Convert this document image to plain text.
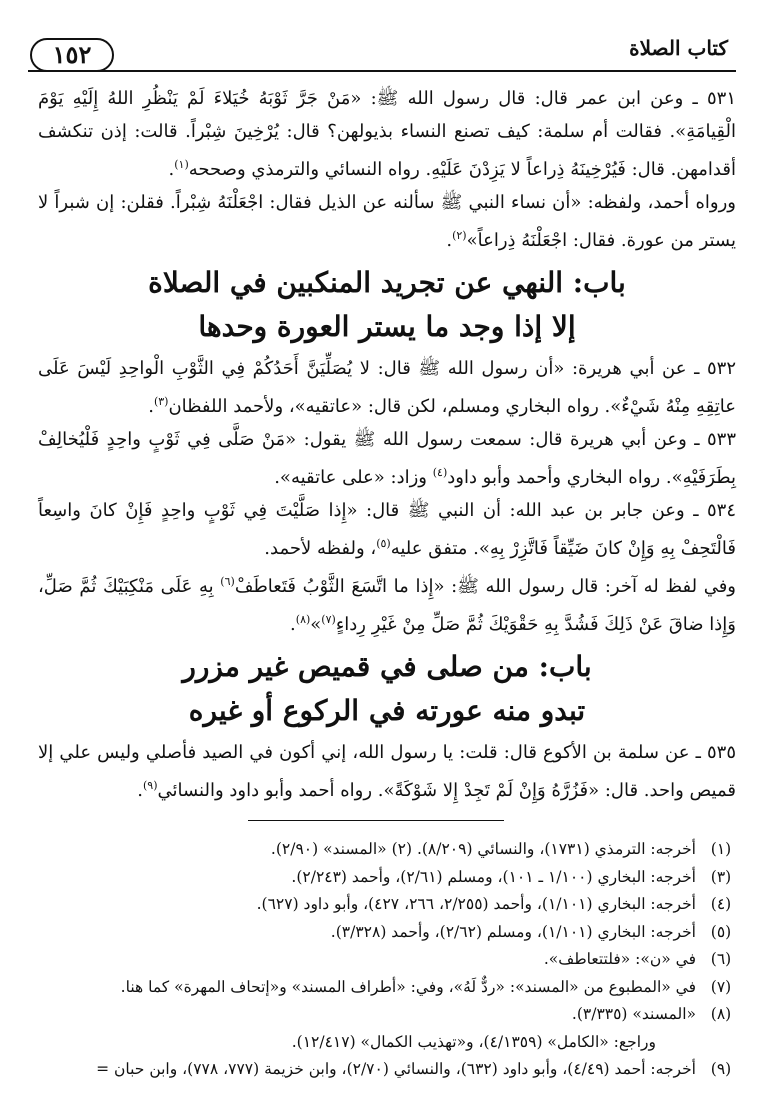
كتاب الصلاة
١٥٢

٥٣١ ـ وعن ابن عمر قال: قال رسول الله ﷺ: «مَنْ جَرَّ ثَوْبَهُ خُيَلاءَ لَمْ يَنْظُرِ اللهُ إِلَيْهِ يَوْمَ الْقِيامَةِ». فقالت أم سلمة: كيف تصنع النساء بذيولهن؟ قال: يُرْخِينَ شِبْراً. قالت: إذن تنكشف أقدامهن. قال: فَيُرْخِينَهُ ذِراعاً لا يَزِدْنَ عَلَيْهِ. رواه النسائي والترمذي وصححه$^{(١)}$.

ورواه أحمد، ولفظه: «أن نساء النبي ﷺ سألنه عن الذيل فقال: اجْعَلْنَهُ شِبْراً. فقلن: إن شبراً لا يستر من عورة. فقال: اجْعَلْنَهُ ذِراعاً»$^{(٢)}$.

باب: النهي عن تجريد المنكبين في الصلاة
إلا إذا وجد ما يستر العورة وحدها

٥٣٢ ـ عن أبي هريرة: «أن رسول الله ﷺ قال: لا يُصَلِّيَنَّ أَحَدُكُمْ فِي الثَّوْبِ الْواحِدِ لَيْسَ عَلَى عاتِقِهِ مِنْهُ شَيْءٌ». رواه البخاري ومسلم، لكن قال: «عاتقيه»، ولأحمد اللفظان$^{(٣)}$.

٥٣٣ ـ وعن أبي هريرة قال: سمعت رسول الله ﷺ يقول: «مَنْ صَلَّى فِي ثَوْبٍ واحِدٍ فَلْيُخالِفْ بِطَرَفَيْهِ». رواه البخاري وأحمد وأبو داود$^{(٤)}$ وزاد: «على عاتقيه».

٥٣٤ ـ وعن جابر بن عبد الله: أن النبي ﷺ قال: «إِذا صَلَّيْتَ فِي ثَوْبٍ واحِدٍ فَإِنْ كانَ واسِعاً فَالْتَحِفْ بِهِ وَإِنْ كانَ ضَيِّقاً فَاتَّزِرْ بِهِ». متفق عليه$^{(٥)}$، ولفظه لأحمد.

وفي لفظ له آخر: قال رسول الله ﷺ: «إِذا ما اتَّسَعَ الثَّوْبُ فَتَعاطَفْ$^{(٦)}$ بِهِ عَلَى مَنْكِبَيْكَ ثُمَّ صَلِّ، وَإِذا ضاقَ عَنْ ذَلِكَ فَشُدَّ بِهِ حَقْوَيْكَ ثُمَّ صَلِّ مِنْ غَيْرِ رِداءٍ$^{(٧)}$»$^{(٨)}$.

باب: من صلى في قميص غير مزرر
تبدو منه عورته في الركوع أو غيره

٥٣٥ ـ عن سلمة بن الأكوع قال: قلت: يا رسول الله، إني أكون في الصيد فأصلي وليس علي إلا قميص واحد. قال: «فَزُرَّهُ وَإِنْ لَمْ تَجِدْ إِلا شَوْكَةً». رواه أحمد وأبو داود والنسائي$^{(٩)}$.

(١)
أخرجه: الترمذي (١٧٣١)، والنسائي (٨/٢٠٩). (٢) «المسند» (٢/٩٠).
(٣)
أخرجه: البخاري (١/١٠٠ ـ ١٠١)، ومسلم (٢/٦١)، وأحمد (٢/٢٤٣).
(٤)
أخرجه: البخاري (١/١٠١)، وأحمد (٢/٢٥٥، ٢٦٦، ٤٢٧)، وأبو داود (٦٢٧).
(٥)
أخرجه: البخاري (١/١٠١)، ومسلم (٢/٦٢)، وأحمد (٣/٣٢٨).
(٦)
في «ن»: «فلتتعاطف».
(٧)
في «المطبوع من «المسند»: «ردٌّ لَهُ»، وفي: «أطراف المسند» و«إتحاف المهرة» كما هنا.
(٨)
«المسند» (٣/٣٣٥).
وراجع: «الكامل» (٤/١٣٥٩)، و«تهذيب الكمال» (١٢/٤١٧).
(٩)
أخرجه: أحمد (٤/٤٩)، وأبو داود (٦٣٢)، والنسائي (٢/٧٠)، وابن خزيمة (٧٧٧، ٧٧٨)، وابن حبان =
